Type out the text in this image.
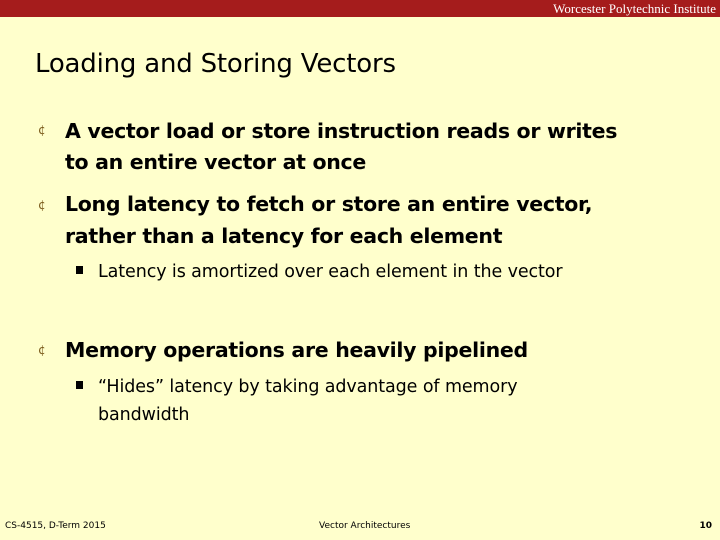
Worcester Polytechnic Institute
Loading and Storing Vectors
¢ A vector load or store instruction reads or writes
to an entire vector at once
¢ Long latency to fetch or store an entire vector,
rather than a latency for each element
Latency is amortized over each element in the vector
¢ Memory operations are heavily pipelined
“Hides” latency by taking advantage of memory
bandwidth
CS-4515, D-Term 2015	Vector Architectures	10
